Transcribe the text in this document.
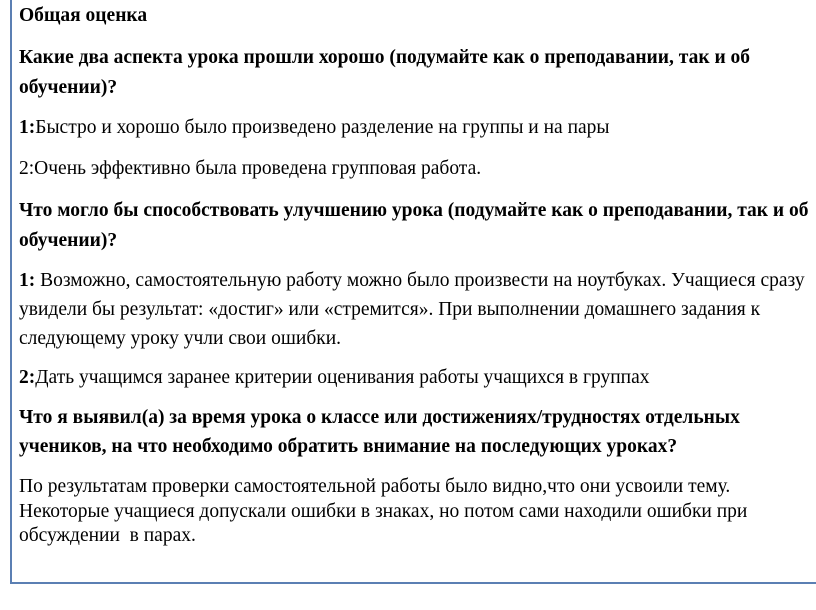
Общая оценка
Какие два аспекта урока прошли хорошо (подумайте как о преподавании, так и об
обучении)?
1:Быстро и хорошо было произведено разделение на группы и на пары
2:Очень эффективно была проведена групповая работа.
Что могло бы способствовать улучшению урока (подумайте как о преподавании, так и об
обучении)?
1: Возможно, самостоятельную работу можно было произвести на ноутбуках. Учащиеся сразу
увидели бы результат: «достиг» или «стремится». При выполнении домашнего задания к
следующему уроку учли свои ошибки.
2:Дать учащимся заранее критерии оценивания работы учащихся в группах
Что я выявил(а) за время урока о классе или достижениях/трудностях отдельных
учеников, на что необходимо обратить внимание на последующих уроках?
По результатам проверки самостоятельной работы было видно,что они усвоили тему.
Некоторые учащиеся допускали ошибки в знаках, но потом сами находили ошибки при
обсуждении  в парах.
